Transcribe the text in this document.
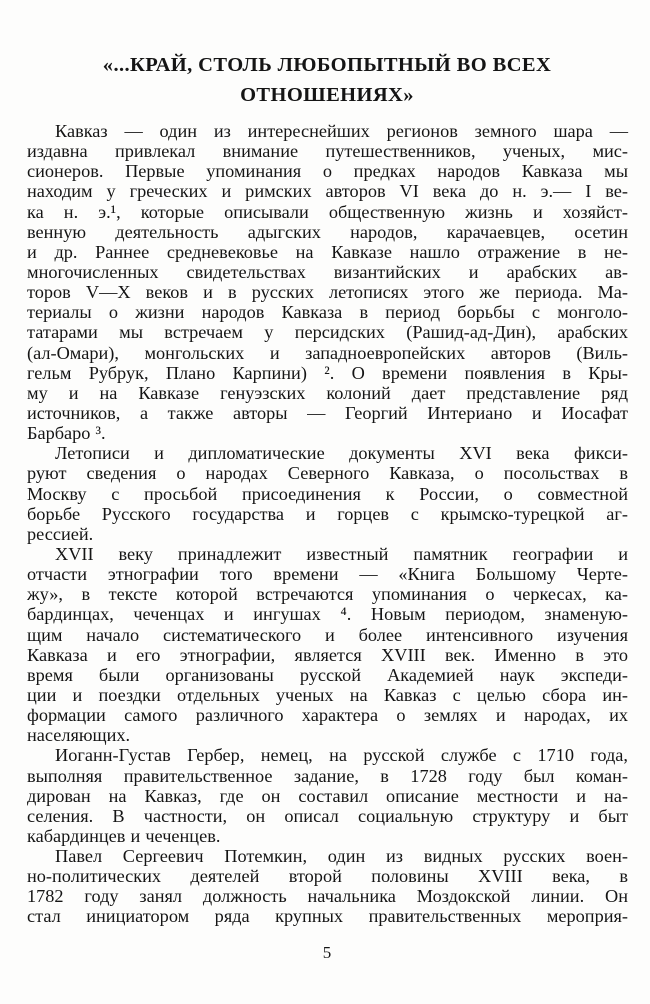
«...КРАЙ, СТОЛЬ ЛЮБОПЫТНЫЙ ВО ВСЕХ
ОТНОШЕНИЯХ»

Кавказ — один из интереснейших регионов земного шара —
издавна привлекал внимание путешественников, ученых, мис-
сионеров. Первые упоминания о предках народов Кавказа мы
находим у греческих и римских авторов VI века до н. э.— I ве-
ка н. э.¹, которые описывали общественную жизнь и хозяйст-
венную деятельность адыгских народов, карачаевцев, осетин
и др. Раннее средневековье на Кавказе нашло отражение в не-
многочисленных свидетельствах византийских и арабских ав-
торов V—X веков и в русских летописях этого же периода. Ма-
териалы о жизни народов Кавказа в период борьбы с монголо-
татарами мы встречаем у персидских (Рашид-ад-Дин), арабских
(ал-Омари), монгольских и западноевропейских авторов (Виль-
гельм Рубрук, Плано Карпини) ². О времени появления в Кры-
му и на Кавказе генуэзских колоний дает представление ряд
источников, а также авторы — Георгий Интериано и Иосафат
Барбаро ³.

Летописи и дипломатические документы XVI века фикси-
руют сведения о народах Северного Кавказа, о посольствах в
Москву с просьбой присоединения к России, о совместной
борьбе Русского государства и горцев с крымско-турецкой аг-
рессией.

XVII веку принадлежит известный памятник географии и
отчасти этнографии того времени — «Книга Большому Черте-
жу», в тексте которой встречаются упоминания о черкесах, ка-
бардинцах, чеченцах и ингушах ⁴. Новым периодом, знаменую-
щим начало систематического и более интенсивного изучения
Кавказа и его этнографии, является XVIII век. Именно в это
время были организованы русской Академией наук экспеди-
ции и поездки отдельных ученых на Кавказ с целью сбора ин-
формации самого различного характера о землях и народах, их
населяющих.

Иоганн-Густав Гербер, немец, на русской службе с 1710 года,
выполняя правительственное задание, в 1728 году был коман-
дирован на Кавказ, где он составил описание местности и на-
селения. В частности, он описал социальную структуру и быт
кабардинцев и чеченцев.

Павел Сергеевич Потемкин, один из видных русских воен-
но-политических деятелей второй половины XVIII века, в
1782 году занял должность начальника Моздокской линии. Он
стал инициатором ряда крупных правительственных мероприя-

5
